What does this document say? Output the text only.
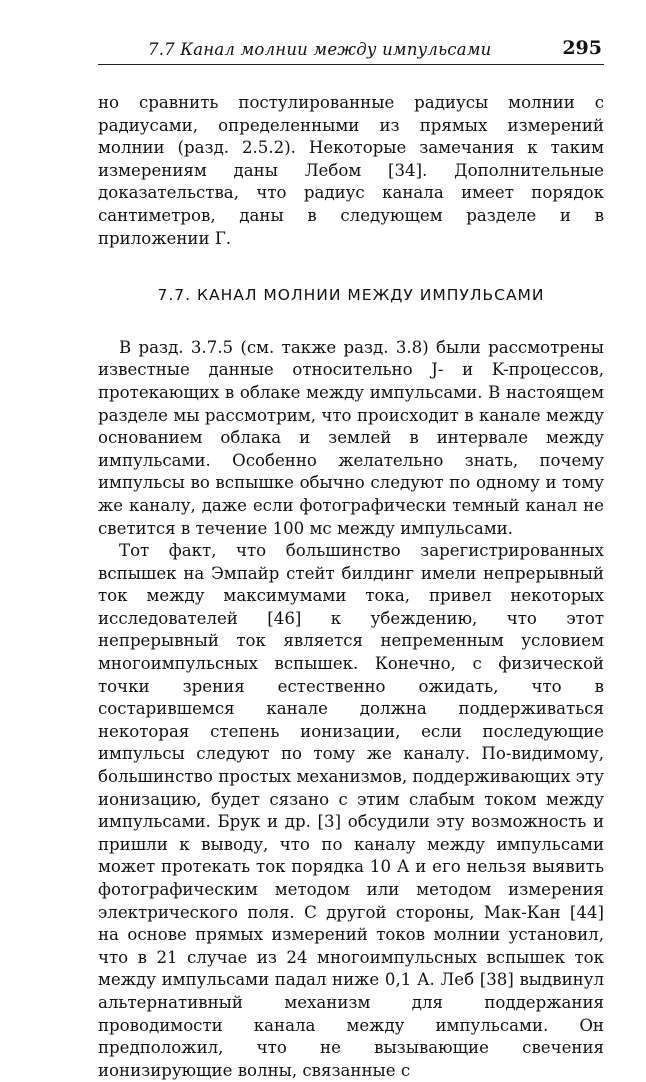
7.7 Канал молнии между импульсами	295

но сравнить постулированные радиусы молнии с радиусами, определенными из прямых измерений молнии (разд. 2.5.2). Некоторые замечания к таким измерениям даны Лебом [34]. Дополнительные доказательства, что радиус канала имеет порядок сантиметров, даны в следующем разделе и в приложении Г.

7.7. КАНАЛ МОЛНИИ МЕЖДУ ИМПУЛЬСАМИ

В разд. 3.7.5 (см. также разд. 3.8) были рассмотрены известные данные относительно J- и K-процессов, протекающих в облаке между импульсами. В настоящем разделе мы рассмотрим, что происходит в канале между основанием облака и землей в интервале между импульсами. Особенно желательно знать, почему импульсы во вспышке обычно следуют по одному и тому же каналу, даже если фотографически темный канал не светится в течение 100 мс между импульсами.

Тот факт, что большинство зарегистрированных вспышек на Эмпайр стейт билдинг имели непрерывный ток между максимумами тока, привел некоторых исследователей [46] к убеждению, что этот непрерывный ток является непременным условием многоимпульсных вспышек. Конечно, с физической точки зрения естественно ожидать, что в состарившемся канале должна поддерживаться некоторая степень ионизации, если последующие импульсы следуют по тому же каналу. По-видимому, большинство простых механизмов, поддерживающих эту ионизацию, будет сязано с этим слабым током между импульсами. Брук и др. [3] обсудили эту возможность и пришли к выводу, что по каналу между импульсами может протекать ток порядка 10 А и его нельзя выявить фотографическим методом или методом измерения электрического поля. С другой стороны, Мак-Кан [44] на основе прямых измерений токов молнии установил, что в 21 случае из 24 многоимпульсных вспышек ток между импульсами падал ниже 0,1 А. Леб [38] выдвинул альтернативный механизм для поддержания проводимости канала между импульсами. Он предположил, что не вызывающие свечения ионизирующие волны, связанные с
